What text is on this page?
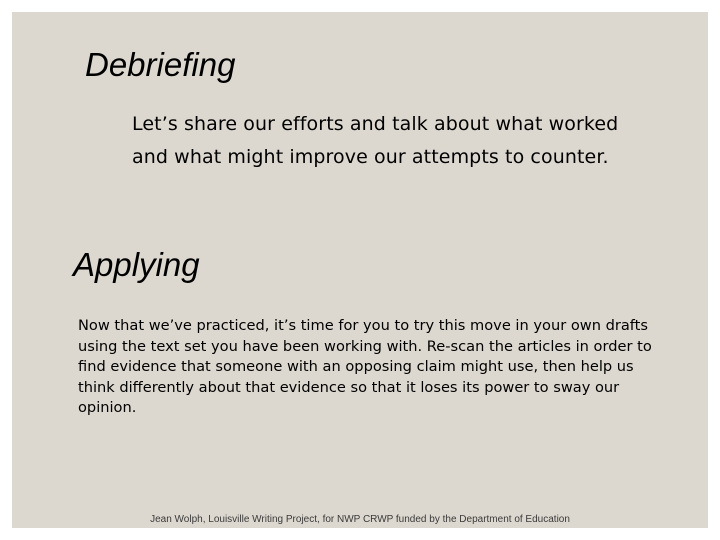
Debriefing

Let’s share our efforts and talk about what worked and what might improve our attempts to counter.

Applying

Now that we’ve practiced, it’s time for you to try this move in your own drafts using the text set you have been working with. Re-scan the articles in order to find evidence that someone with an opposing claim might use, then help us think differently about that evidence so that it loses its power to sway our opinion.

Jean Wolph, Louisville Writing Project, for NWP CRWP funded by the Department of Education
